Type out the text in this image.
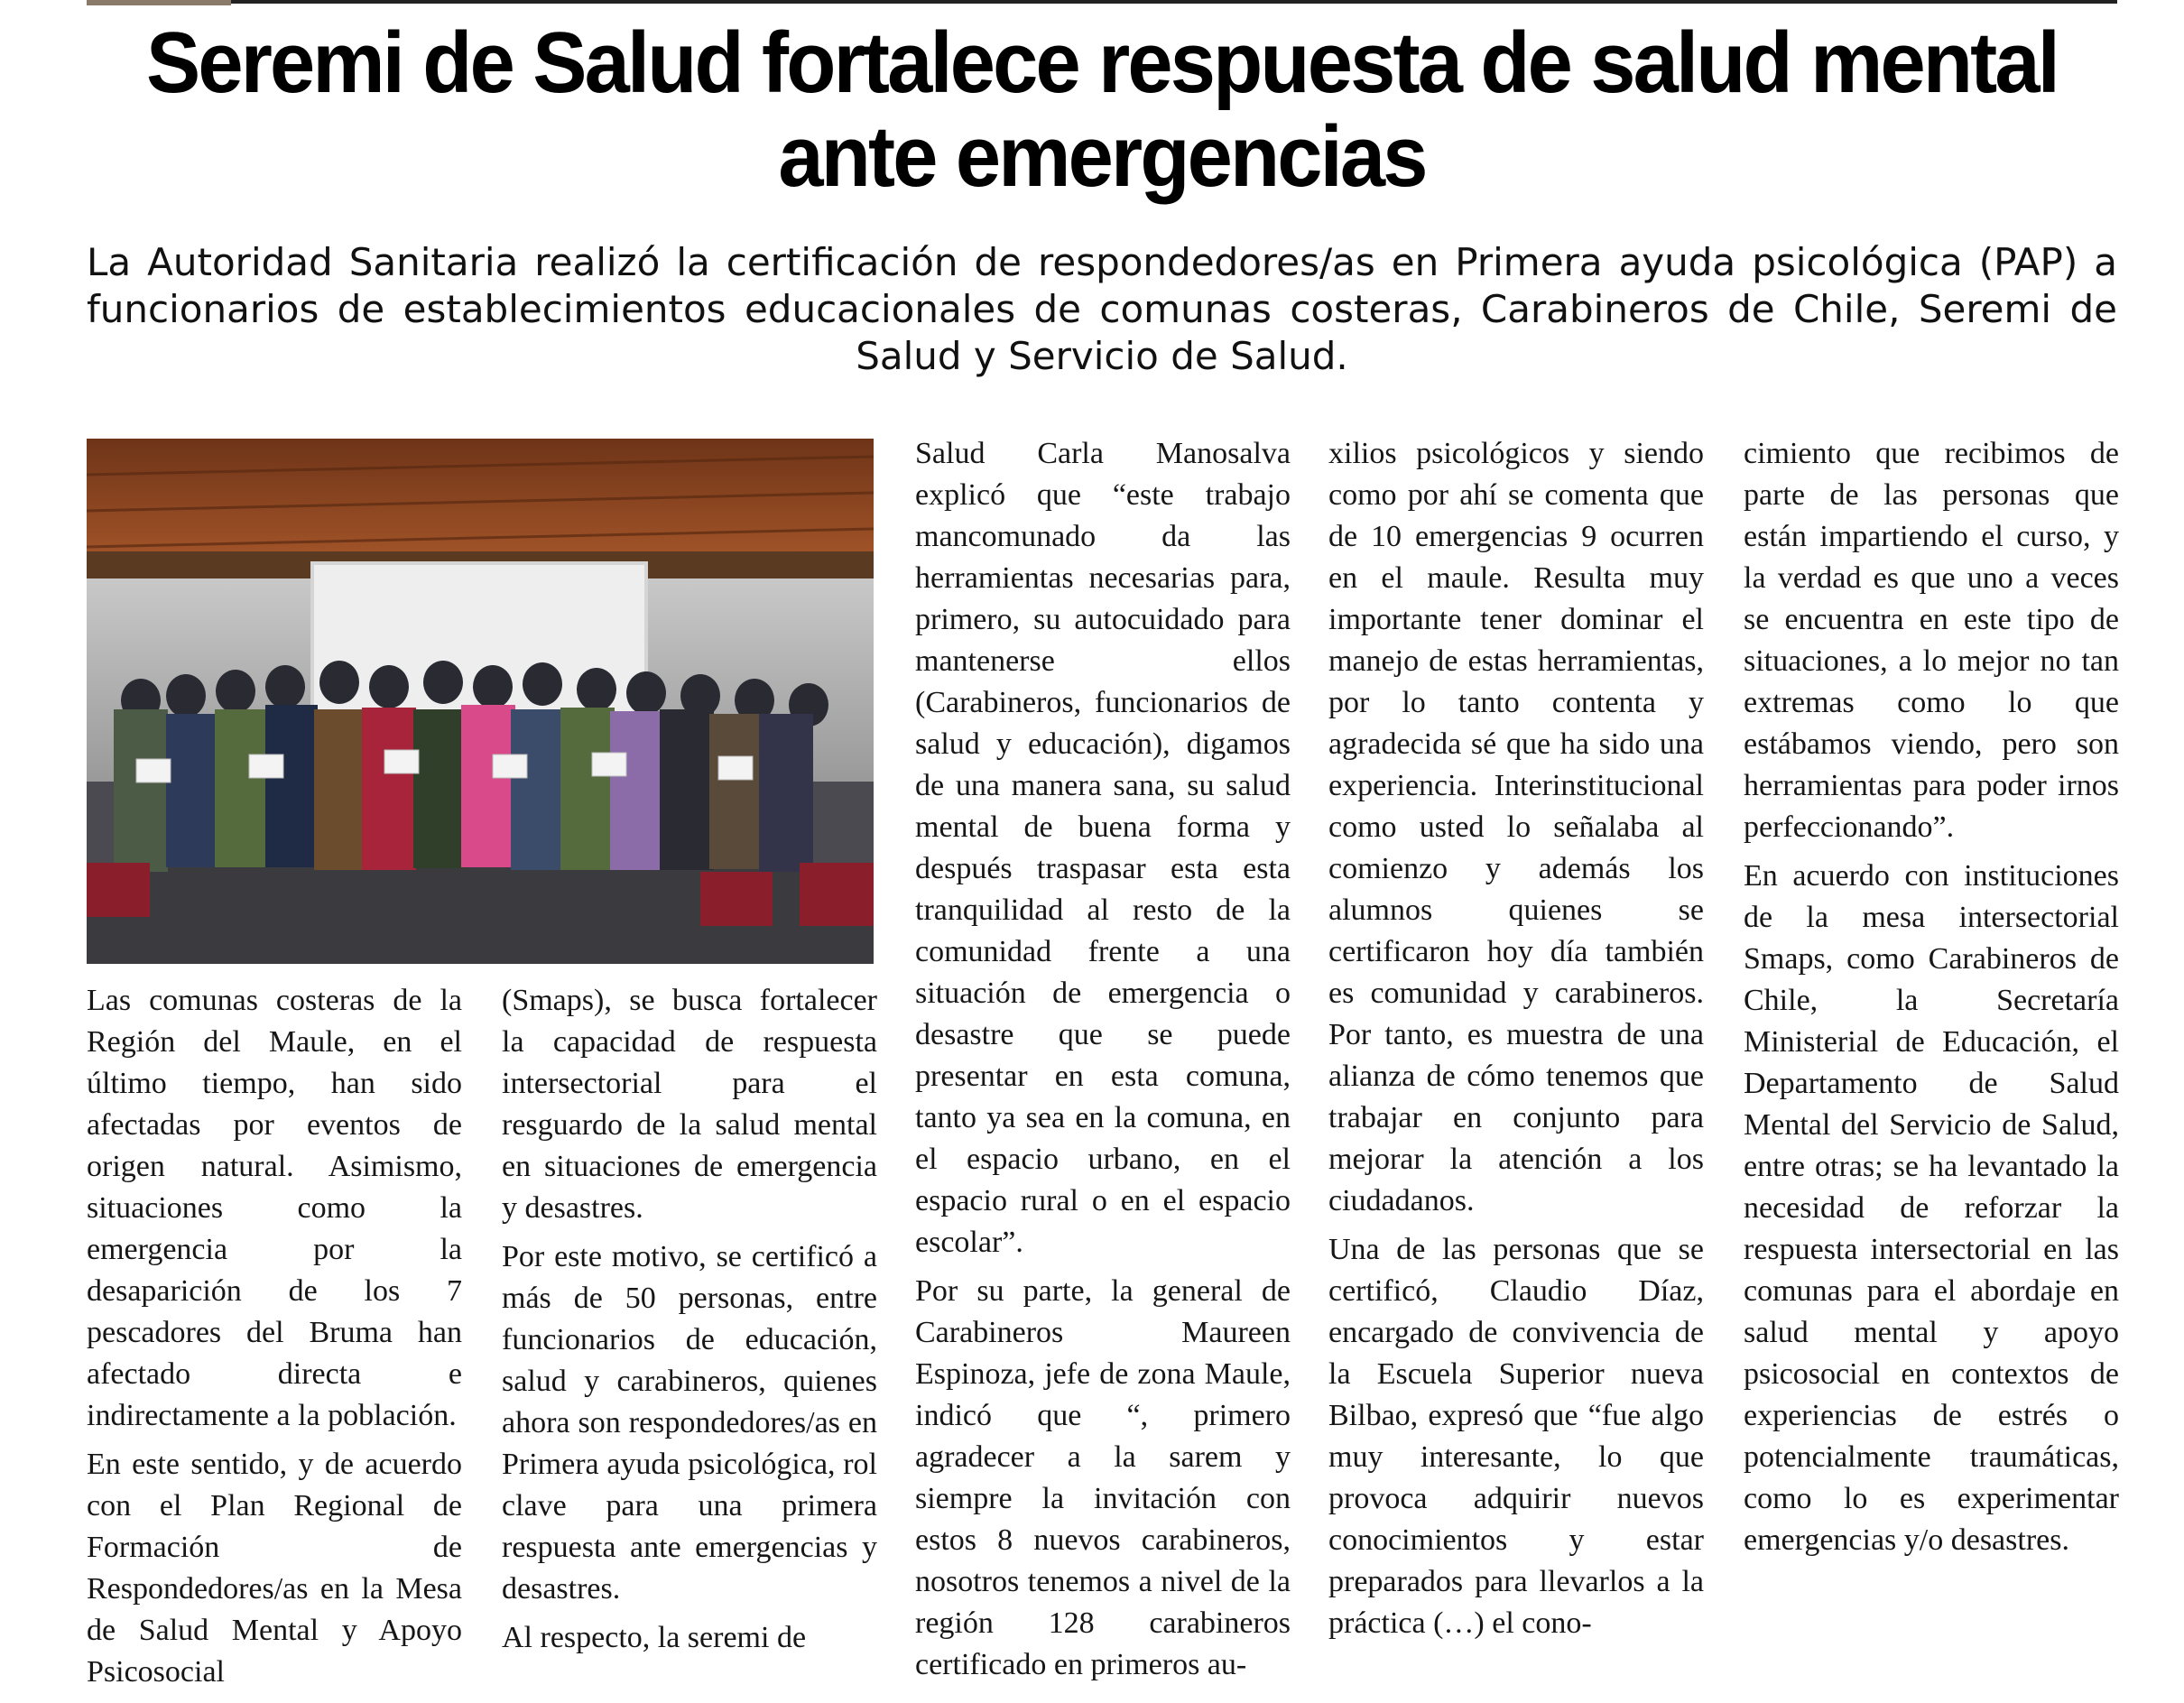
Seremi de Salud fortalece respuesta de salud mental ante emergencias

La Autoridad Sanitaria realizó la certificación de respondedores/as en Primera ayuda psicológica (PAP) a funcionarios de establecimientos educacionales de comunas costeras, Carabineros de Chile, Seremi de Salud y Servicio de Salud.

Las comunas costeras de la Región del Maule, en el último tiempo, han sido afectadas por eventos de origen natural. Asimismo, situaciones como la emergencia por la desaparición de los 7 pescadores del Bruma han afectado directa e indirectamente a la población.

En este sentido, y de acuerdo con el Plan Regional de Formación de Respondedores/as en la Mesa de Salud Mental y Apoyo Psicosocial

(Smaps), se busca fortalecer la capacidad de respuesta intersectorial para el resguardo de la salud mental en situaciones de emergencia y desastres.

Por este motivo, se certificó a más de 50 personas, entre funcionarios de educación, salud y carabineros, quienes ahora son respondedores/as en Primera ayuda psicológica, rol clave para una primera respuesta ante emergencias y desastres.

Al respecto, la seremi de

Salud Carla Manosalva explicó que “este trabajo mancomunado da las herramientas necesarias para, primero, su autocuidado para mantenerse ellos (Carabineros, funcionarios de salud y educación), digamos de una manera sana, su salud mental de buena forma y después traspasar esta esta tranquilidad al resto de la comunidad frente a una situación de emergencia o desastre que se puede presentar en esta comuna, tanto ya sea en la comuna, en el espacio urbano, en el espacio rural o en el espacio escolar”.

Por su parte, la general de Carabineros Maureen Espinoza, jefe de zona Maule, indicó que “, primero agradecer a la sarem y siempre la invitación con estos 8 nuevos carabineros, nosotros tenemos a nivel de la región 128 carabineros certificado en primeros au-

xilios psicológicos y siendo como por ahí se comenta que de 10 emergencias 9 ocurren en el maule. Resulta muy importante tener dominar el manejo de estas herramientas, por lo tanto contenta y agradecida sé que ha sido una experiencia. Interinstitucional como usted lo señalaba al comienzo y además los alumnos quienes se certificaron hoy día también es comunidad y carabineros. Por tanto, es muestra de una alianza de cómo tenemos que trabajar en conjunto para mejorar la atención a los ciudadanos.

Una de las personas que se certificó, Claudio Díaz, encargado de convivencia de la Escuela Superior nueva Bilbao, expresó que “fue algo muy interesante, lo que provoca adquirir nuevos conocimientos y estar preparados para llevarlos a la práctica (…) el cono-

cimiento que recibimos de parte de las personas que están impartiendo el curso, y la verdad es que uno a veces se encuentra en este tipo de situaciones, a lo mejor no tan extremas como lo que estábamos viendo, pero son herramientas para poder irnos perfeccionando”.

En acuerdo con instituciones de la mesa intersectorial Smaps, como Carabineros de Chile, la Secretaría Ministerial de Educación, el Departamento de Salud Mental del Servicio de Salud, entre otras; se ha levantado la necesidad de reforzar la respuesta intersectorial en las comunas para el abordaje en salud mental y apoyo psicosocial en contextos de experiencias de estrés o potencialmente traumáticas, como lo es experimentar emergencias y/o desastres.
